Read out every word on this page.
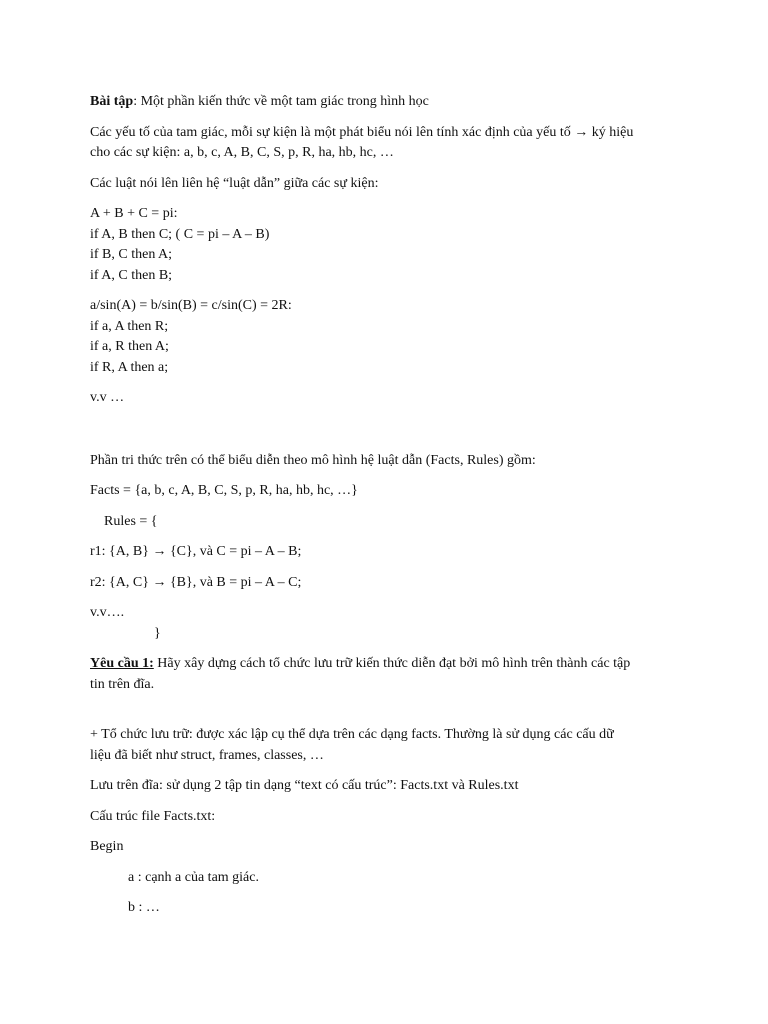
Bài tập: Một phần kiến thức về một tam giác trong hình học

Các yếu tố của tam giác, mỗi sự kiện là một phát biểu nói lên tính xác định của yếu tố → ký hiệu

cho các sự kiện: a, b, c, A, B, C, S, p, R, ha, hb, hc, …

Các luật nói lên liên hệ “luật dẫn” giữa các sự kiện:

A + B + C = pi:

if A, B then C; ( C = pi – A – B)

if B, C then A;

if A, C then B;

a/sin(A) = b/sin(B) = c/sin(C) = 2R:

if a, A then R;

if a, R then A;

if R, A then a;

v.v …

Phần tri thức trên có thể biểu diễn theo mô hình hệ luật dẫn (Facts, Rules) gồm:

Facts = {a, b, c, A, B, C, S, p, R, ha, hb, hc, …}

Rules = {

r1: {A, B} → {C}, và C = pi – A – B;

r2: {A, C} → {B}, và B = pi – A – C;

v.v….

}

Yêu cầu 1: Hãy xây dựng cách tổ chức lưu trữ kiến thức diễn đạt bởi mô hình trên thành các tập

tin trên đĩa.

+ Tổ chức lưu trữ: được xác lập cụ thể dựa trên các dạng facts. Thường là sử dụng các cấu dữ

liệu đã biết như struct, frames, classes, …

Lưu trên đĩa: sử dụng 2 tập tin dạng “text có cấu trúc”: Facts.txt và Rules.txt

Cấu trúc file Facts.txt:

Begin

a : cạnh a của tam giác.

b : …
